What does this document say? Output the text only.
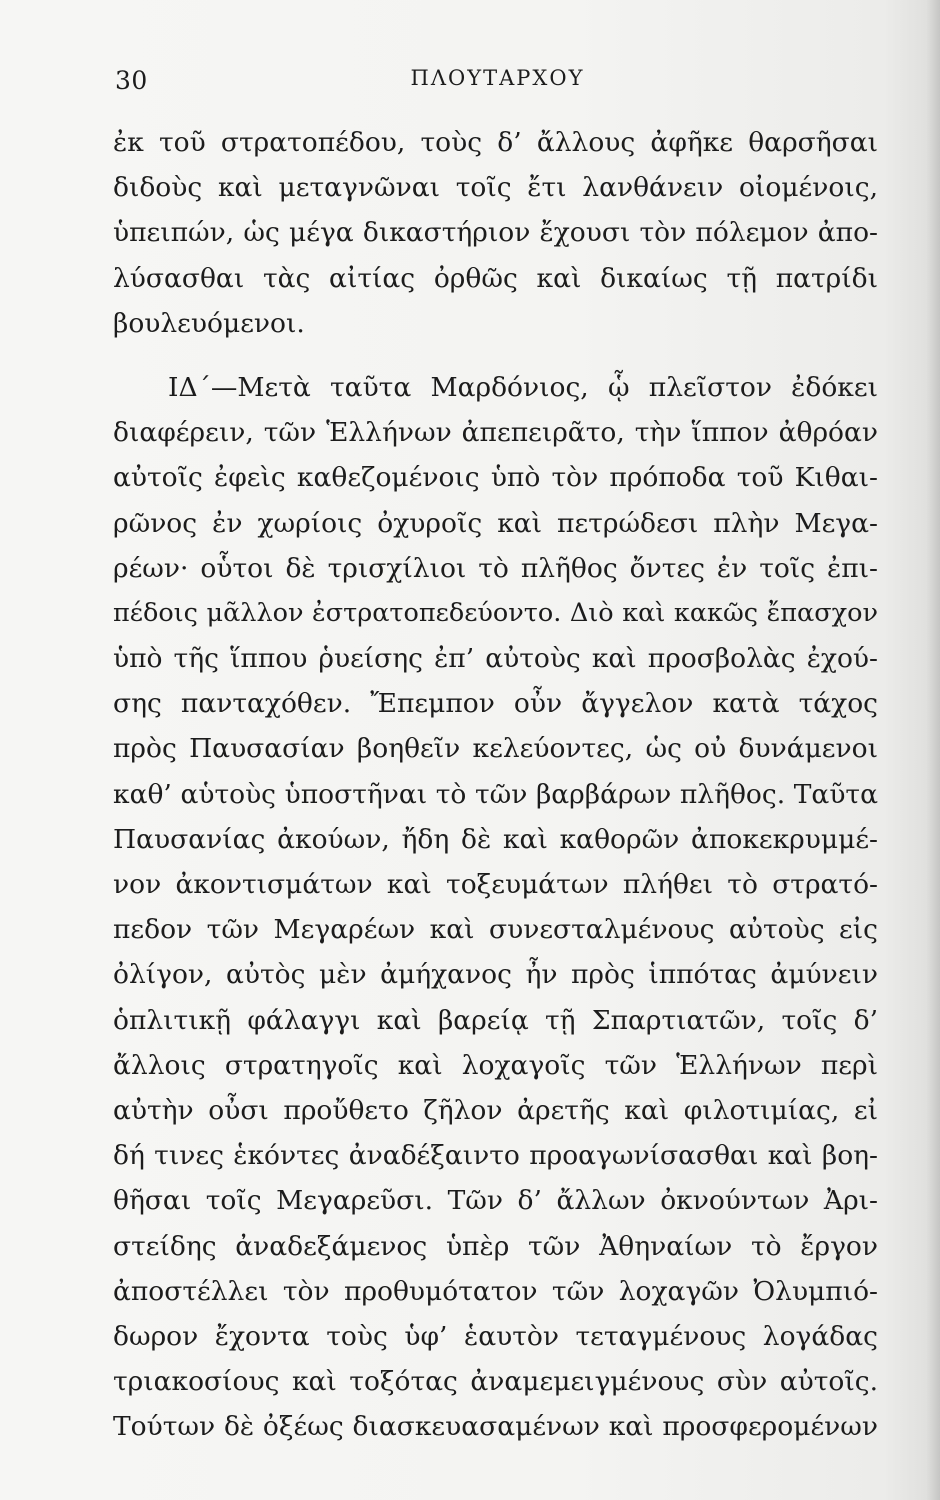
30	ΠΛΟΥΤΑΡΧΟΥ
ἐκ τοῦ στρατοπέδου, τοὺς δ’ ἄλλους ἀφῆκε θαρσῆσαι
διδοὺς καὶ μεταγνῶναι τοῖς ἔτι λανθάνειν οἰομένοις,
ὑπειπών, ὡς μέγα δικαστήριον ἔχουσι τὸν πόλεμον ἀπο-
λύσασθαι τὰς αἰτίας ὀρθῶς καὶ δικαίως τῇ πατρίδι
βουλευόμενοι.
ΙΔ΄—Μετὰ ταῦτα Μαρδόνιος, ᾧ πλεῖστον ἐδόκει
διαφέρειν, τῶν Ἑλλήνων ἀπεπειρᾶτο, τὴν ἵππον ἀθρόαν
αὐτοῖς ἐφεὶς καθεζομένοις ὑπὸ τὸν πρόποδα τοῦ Κιθαι-
ρῶνος ἐν χωρίοις ὀχυροῖς καὶ πετρώδεσι πλὴν Μεγα-
ρέων· οὗτοι δὲ τρισχίλιοι τὸ πλῆθος ὄντες ἐν τοῖς ἐπι-
πέδοις μᾶλλον ἐστρατοπεδεύοντο. Διὸ καὶ κακῶς ἔπασχον
ὑπὸ τῆς ἵππου ῥυείσης ἐπ’ αὐτοὺς καὶ προσβολὰς ἐχού-
σης πανταχόθεν. Ἔπεμπον οὖν ἄγγελον κατὰ τάχος
πρὸς Παυσασίαν βοηθεῖν κελεύοντες, ὡς οὐ δυνάμενοι
καθ’ αὑτοὺς ὑποστῆναι τὸ τῶν βαρβάρων πλῆθος. Ταῦτα
Παυσανίας ἀκούων, ἤδη δὲ καὶ καθορῶν ἀποκεκρυμμέ-
νον ἀκοντισμάτων καὶ τοξευμάτων πλήθει τὸ στρατό-
πεδον τῶν Μεγαρέων καὶ συνεσταλμένους αὐτοὺς εἰς
ὀλίγον, αὐτὸς μὲν ἀμήχανος ἦν πρὸς ἱππότας ἀμύνειν
ὁπλιτικῇ φάλαγγι καὶ βαρείᾳ τῇ Σπαρτιατῶν, τοῖς δ’
ἄλλοις στρατηγοῖς καὶ λοχαγοῖς τῶν Ἑλλήνων περὶ
αὐτὴν οὖσι προὔθετο ζῆλον ἀρετῆς καὶ φιλοτιμίας, εἰ
δή τινες ἑκόντες ἀναδέξαιντο προαγωνίσασθαι καὶ βοη-
θῆσαι τοῖς Μεγαρεῦσι. Τῶν δ’ ἄλλων ὀκνούντων Ἀρι-
στείδης ἀναδεξάμενος ὑπὲρ τῶν Ἀθηναίων τὸ ἔργον
ἀποστέλλει τὸν προθυμότατον τῶν λοχαγῶν Ὀλυμπιό-
δωρον ἔχοντα τοὺς ὑφ’ ἑαυτὸν τεταγμένους λογάδας
τριακοσίους καὶ τοξότας ἀναμεμειγμένους σὺν αὐτοῖς.
Τούτων δὲ ὀξέως διασκευασαμένων καὶ προσφερομένων
